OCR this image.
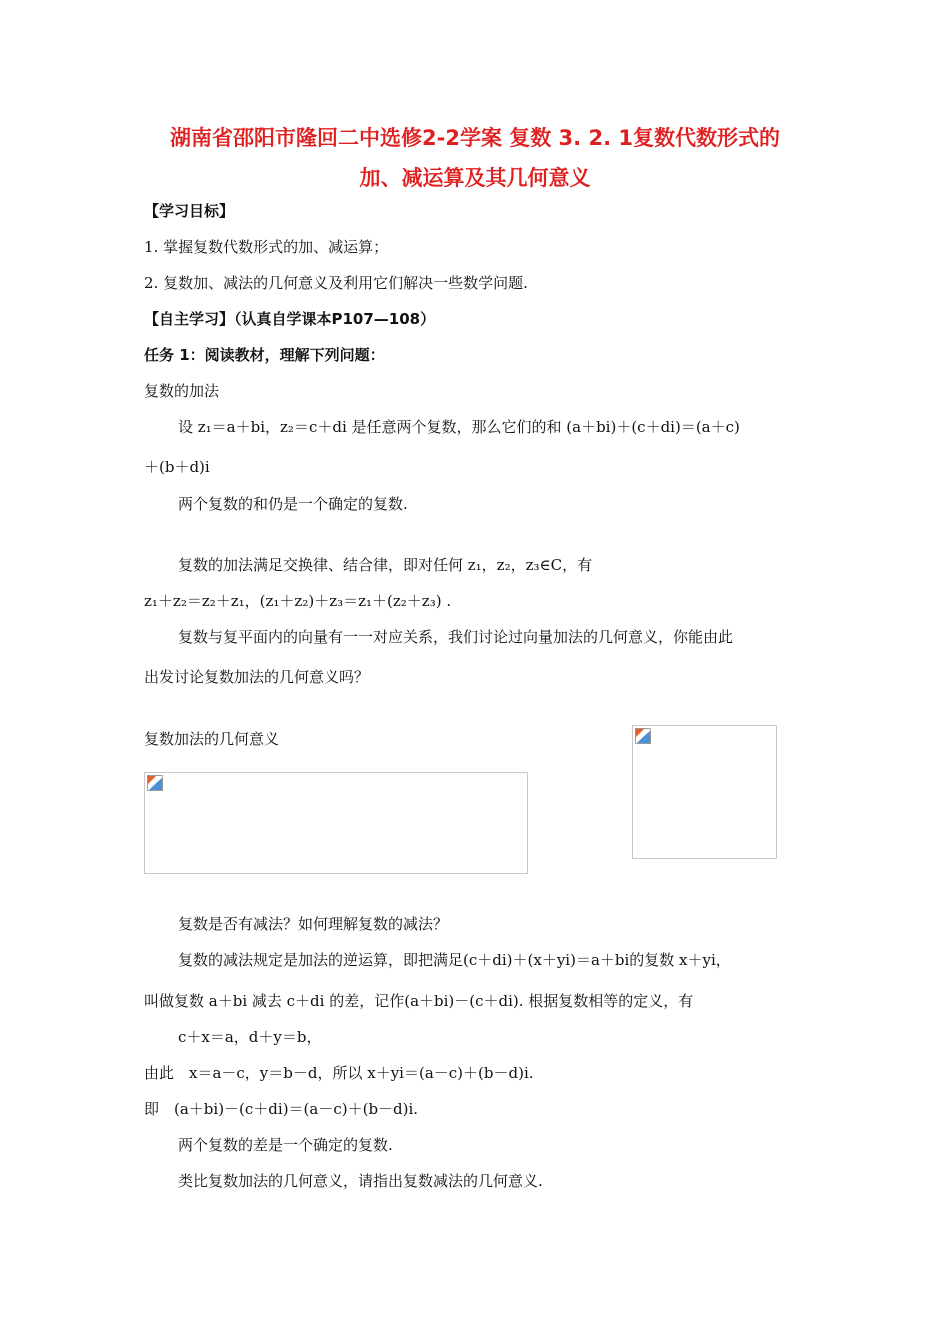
湖南省邵阳市隆回二中选修2-2学案 复数 3. 2. 1复数代数形式的
加、减运算及其几何意义
【学习目标】
1. 掌握复数代数形式的加、减运算；
2. 复数加、减法的几何意义及利用它们解决一些数学问题.
【自主学习】（认真自学课本P107—108）
任务 1：阅读教材，理解下列问题：
复数的加法
设 z₁＝a＋bi，z₂＝c＋di 是任意两个复数，那么它们的和 (a＋bi)＋(c＋di)＝(a＋c)
＋(b＋d)i
两个复数的和仍是一个确定的复数.
复数的加法满足交换律、结合律，即对任何 z₁，z₂，z₃∈C，有
z₁＋z₂＝z₂＋z₁，(z₁＋z₂)＋z₃＝z₁＋(z₂＋z₃) .
复数与复平面内的向量有一一对应关系，我们讨论过向量加法的几何意义，你能由此
出发讨论复数加法的几何意义吗？
复数加法的几何意义
复数是否有减法？如何理解复数的减法？
复数的减法规定是加法的逆运算，即把满足(c＋di)＋(x＋yi)＝a＋bi的复数 x＋yi，
叫做复数 a＋bi 减去 c＋di 的差，记作(a＋bi)－(c＋di). 根据复数相等的定义，有
c＋x＝a，d＋y＝b，
由此　x＝a－c，y＝b－d，所以 x＋yi＝(a－c)＋(b－d)i.
即　(a＋bi)－(c＋di)＝(a－c)＋(b－d)i.
两个复数的差是一个确定的复数.
类比复数加法的几何意义，请指出复数减法的几何意义.
